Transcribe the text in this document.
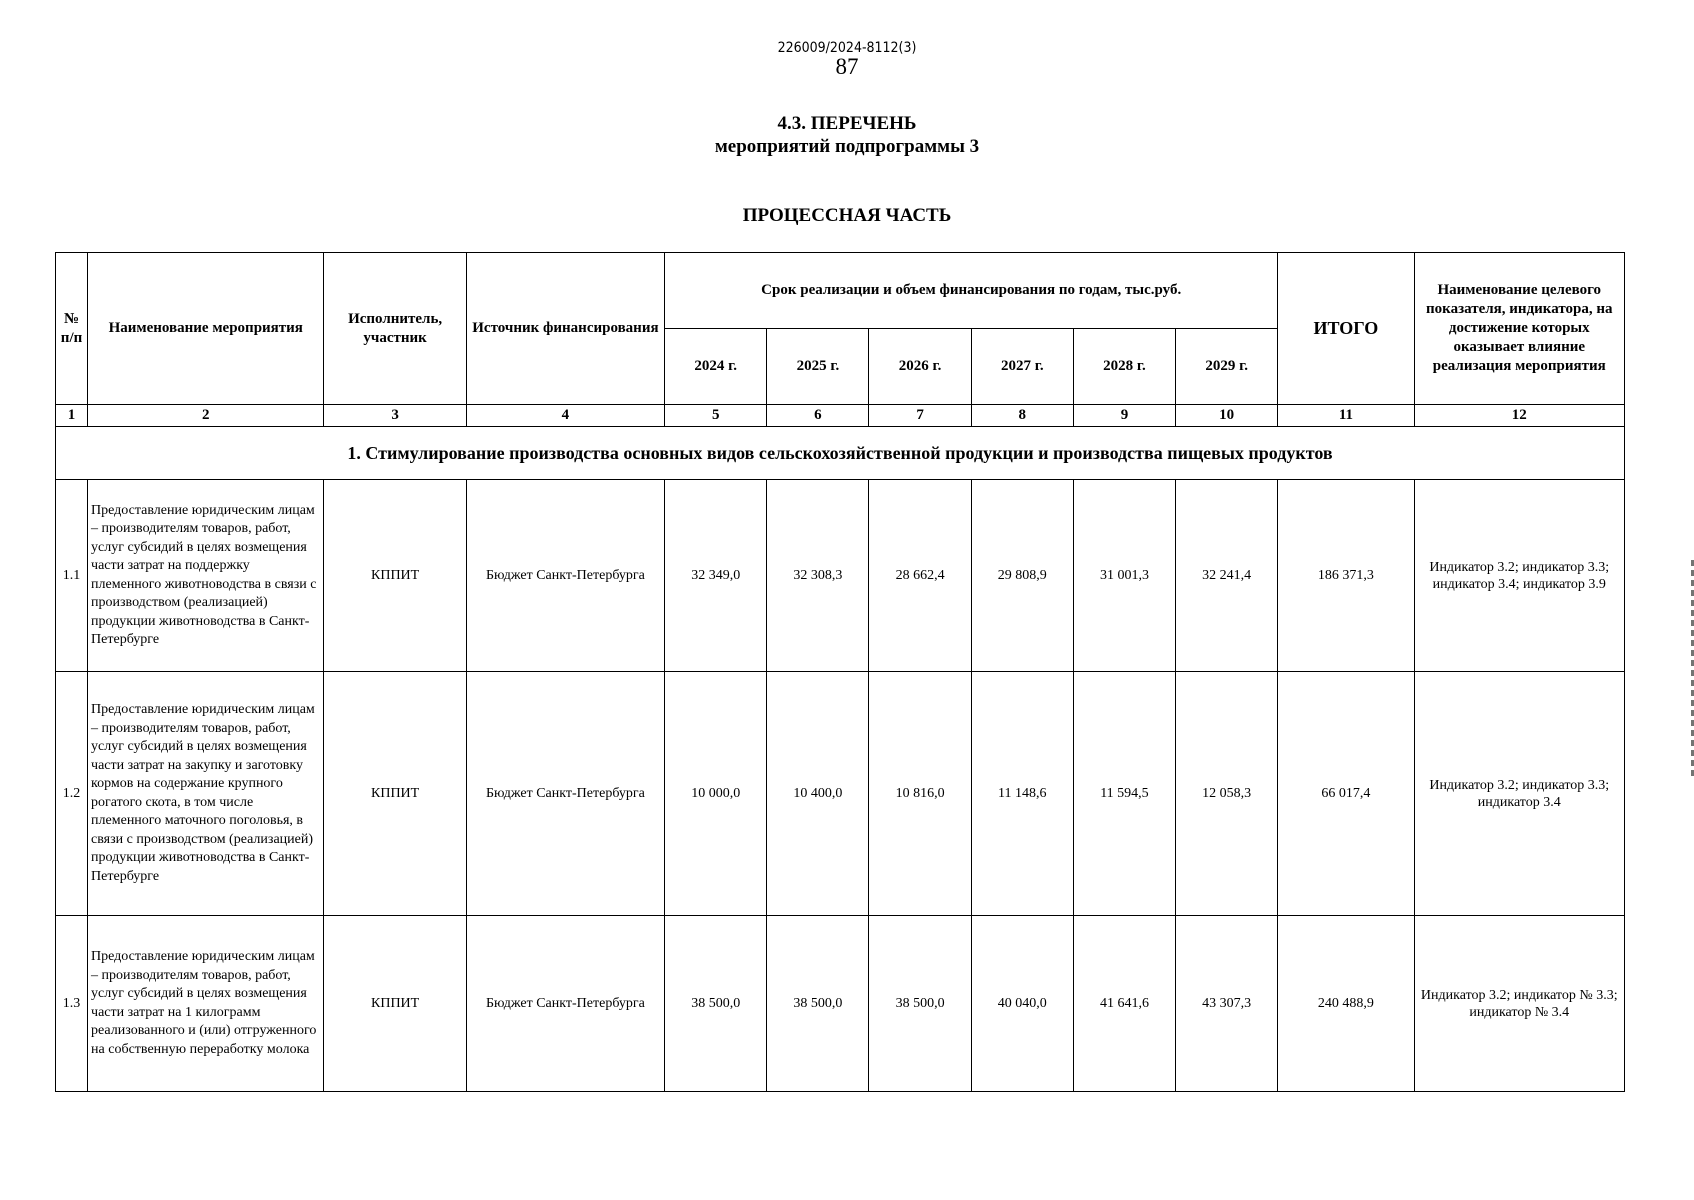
226009/2024-8112(3)
87
4.3. ПЕРЕЧЕНЬ
мероприятий подпрограммы 3
ПРОЦЕССНАЯ ЧАСТЬ
№ п/п	Наименование мероприятия	Исполнитель, участник	Источник финансирования	Срок реализации и объем финансирования по годам, тыс.руб.						ИТОГО	Наименование целевого показателя, индикатора, на достижение которых оказывает влияние реализация мероприятия
				2024 г.	2025 г.	2026 г.	2027 г.	2028 г.	2029 г.		
1	2	3	4	5	6	7	8	9	10	11	12
1. Стимулирование производства основных видов сельскохозяйственной продукции и производства пищевых продуктов											
1.1	Предоставление юридическим лицам – производителям товаров, работ, услуг субсидий в целях возмещения части затрат на поддержку племенного животноводства в связи с производством (реализацией) продукции животноводства в Санкт-Петербурге	КППИТ	Бюджет Санкт-Петербурга	32 349,0	32 308,3	28 662,4	29 808,9	31 001,3	32 241,4	186 371,3	Индикатор 3.2; индикатор 3.3; индикатор 3.4; индикатор 3.9
1.2	Предоставление юридическим лицам – производителям товаров, работ, услуг субсидий в целях возмещения части затрат на закупку и заготовку кормов на содержание крупного рогатого скота, в том числе племенного маточного поголовья, в связи с производством (реализацией) продукции животноводства в Санкт-Петербурге	КППИТ	Бюджет Санкт-Петербурга	10 000,0	10 400,0	10 816,0	11 148,6	11 594,5	12 058,3	66 017,4	Индикатор 3.2; индикатор 3.3; индикатор 3.4
1.3	Предоставление юридическим лицам – производителям товаров, работ, услуг субсидий в целях возмещения части затрат на 1 килограмм реализованного и (или) отгруженного на собственную переработку молока	КППИТ	Бюджет Санкт-Петербурга	38 500,0	38 500,0	38 500,0	40 040,0	41 641,6	43 307,3	240 488,9	Индикатор 3.2; индикатор № 3.3; индикатор № 3.4
